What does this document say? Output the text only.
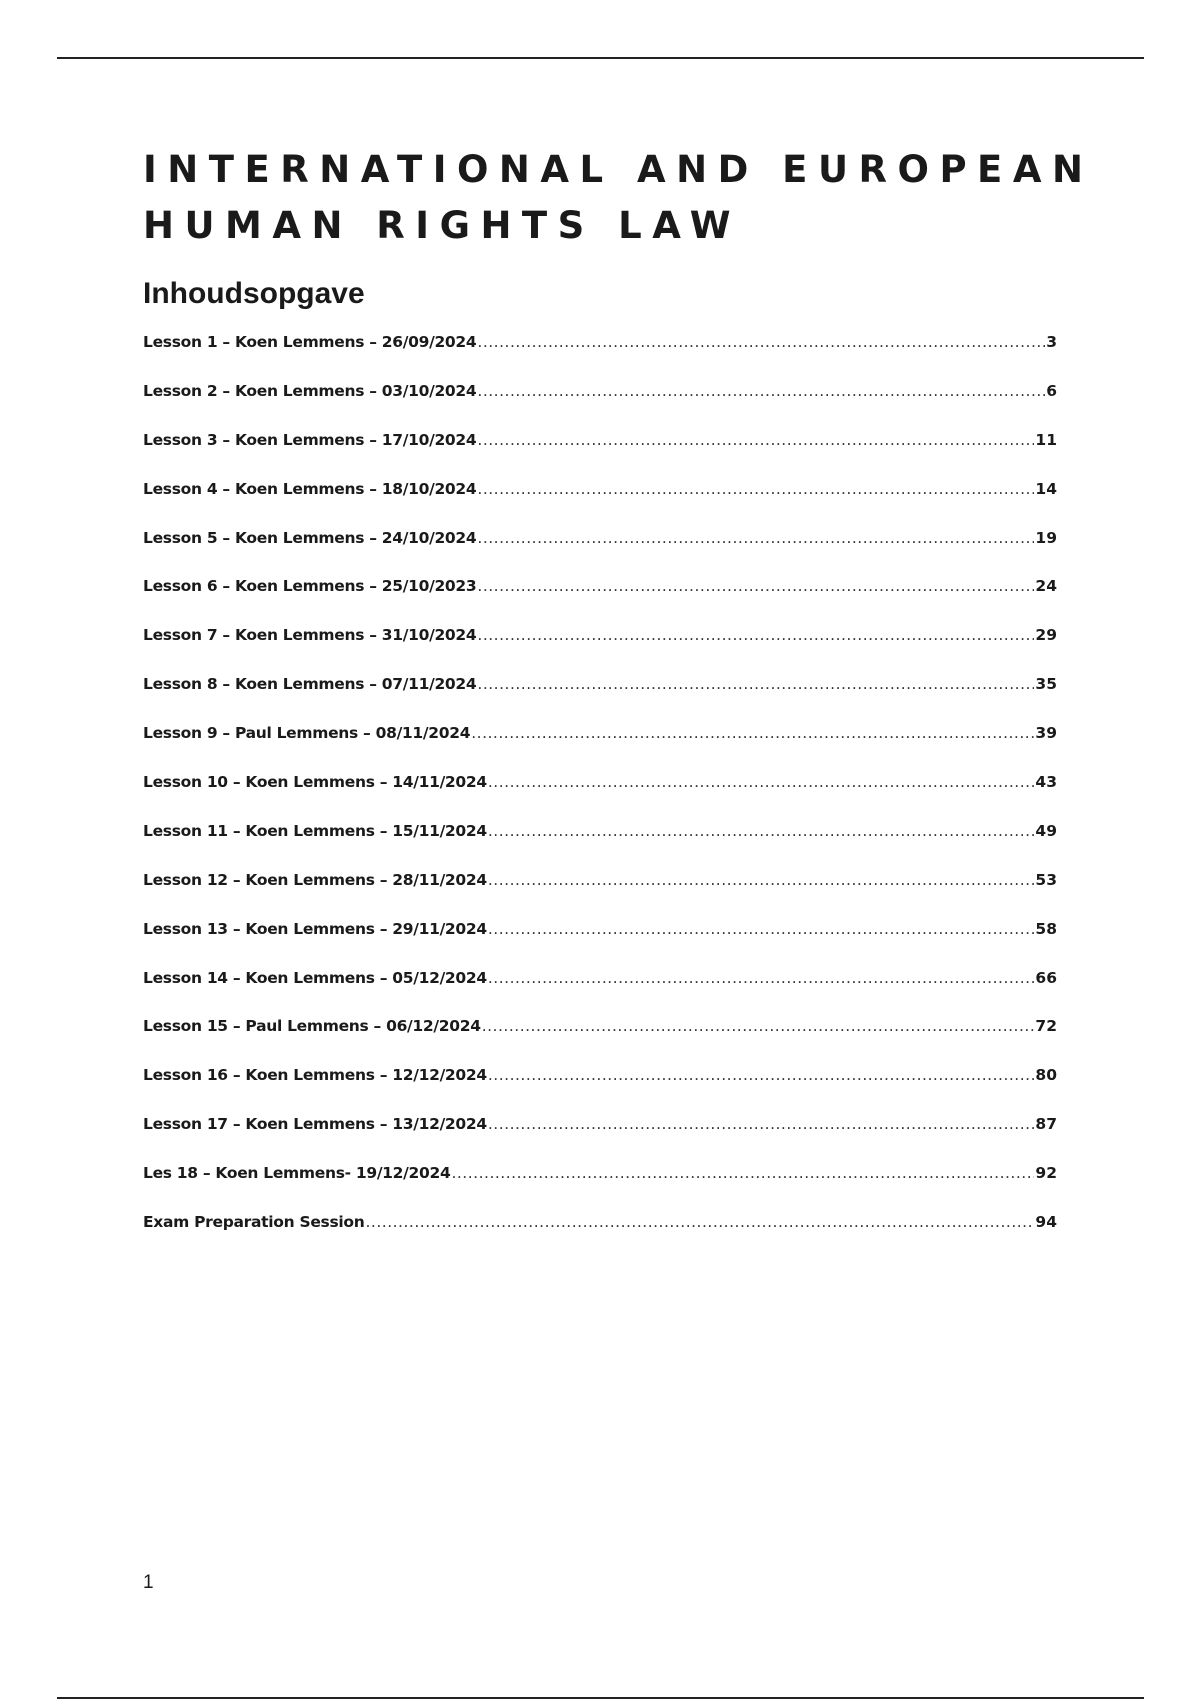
INTERNATIONAL AND EUROPEAN
HUMAN RIGHTS LAW
Inhoudsopgave
Lesson 1 – Koen Lemmens – 26/09/2024 .....	3
Lesson 2 – Koen Lemmens – 03/10/2024 .....	6
Lesson 3 – Koen Lemmens – 17/10/2024 .....	11
Lesson 4 – Koen Lemmens – 18/10/2024 .....	14
Lesson 5 – Koen Lemmens – 24/10/2024 .....	19
Lesson 6 – Koen Lemmens – 25/10/2023 .....	24
Lesson 7 – Koen Lemmens – 31/10/2024 .....	29
Lesson 8 – Koen Lemmens – 07/11/2024 .....	35
Lesson 9 – Paul Lemmens – 08/11/2024 .....	39
Lesson 10 – Koen Lemmens – 14/11/2024 .....	43
Lesson 11 – Koen Lemmens – 15/11/2024 .....	49
Lesson 12 – Koen Lemmens – 28/11/2024 .....	53
Lesson 13 – Koen Lemmens – 29/11/2024 .....	58
Lesson 14 – Koen Lemmens – 05/12/2024 .....	66
Lesson 15 – Paul Lemmens – 06/12/2024 .....	72
Lesson 16 – Koen Lemmens – 12/12/2024 .....	80
Lesson 17 – Koen Lemmens – 13/12/2024 .....	87
Les 18 – Koen Lemmens- 19/12/2024 .....	92
Exam Preparation Session .....	94
1
